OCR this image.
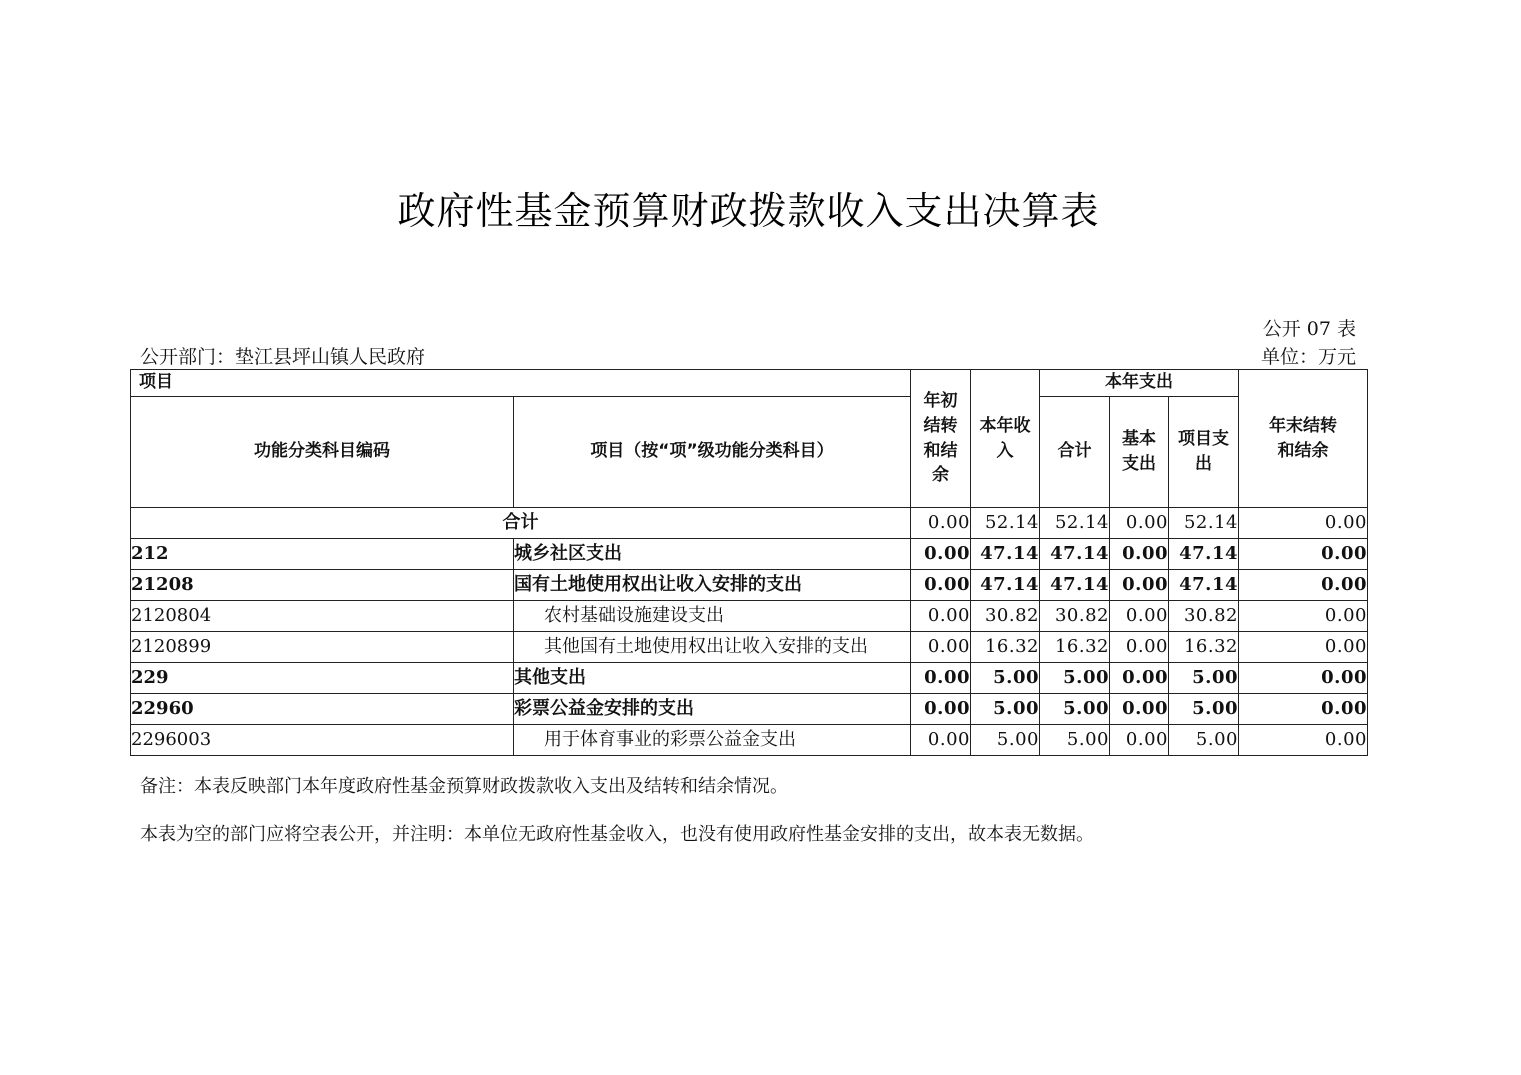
政府性基金预算财政拨款收入支出决算表
公开 07 表
公开部门：垫江县坪山镇人民政府	单位：万元
项目		年初结转和结余	本年收入	本年支出			年末结转和结余
功能分类科目编码	项目（按“项”级功能分类科目）			合计	基本支出	项目支出	
合计		0.00	52.14	52.14	0.00	52.14	0.00
212	城乡社区支出	0.00	47.14	47.14	0.00	47.14	0.00
21208	国有土地使用权出让收入安排的支出	0.00	47.14	47.14	0.00	47.14	0.00
2120804	农村基础设施建设支出	0.00	30.82	30.82	0.00	30.82	0.00
2120899	其他国有土地使用权出让收入安排的支出	0.00	16.32	16.32	0.00	16.32	0.00
229	其他支出	0.00	5.00	5.00	0.00	5.00	0.00
22960	彩票公益金安排的支出	0.00	5.00	5.00	0.00	5.00	0.00
2296003	用于体育事业的彩票公益金支出	0.00	5.00	5.00	0.00	5.00	0.00
备注：本表反映部门本年度政府性基金预算财政拨款收入支出及结转和结余情况。
本表为空的部门应将空表公开，并注明：本单位无政府性基金收入，也没有使用政府性基金安排的支出，故本表无数据。
